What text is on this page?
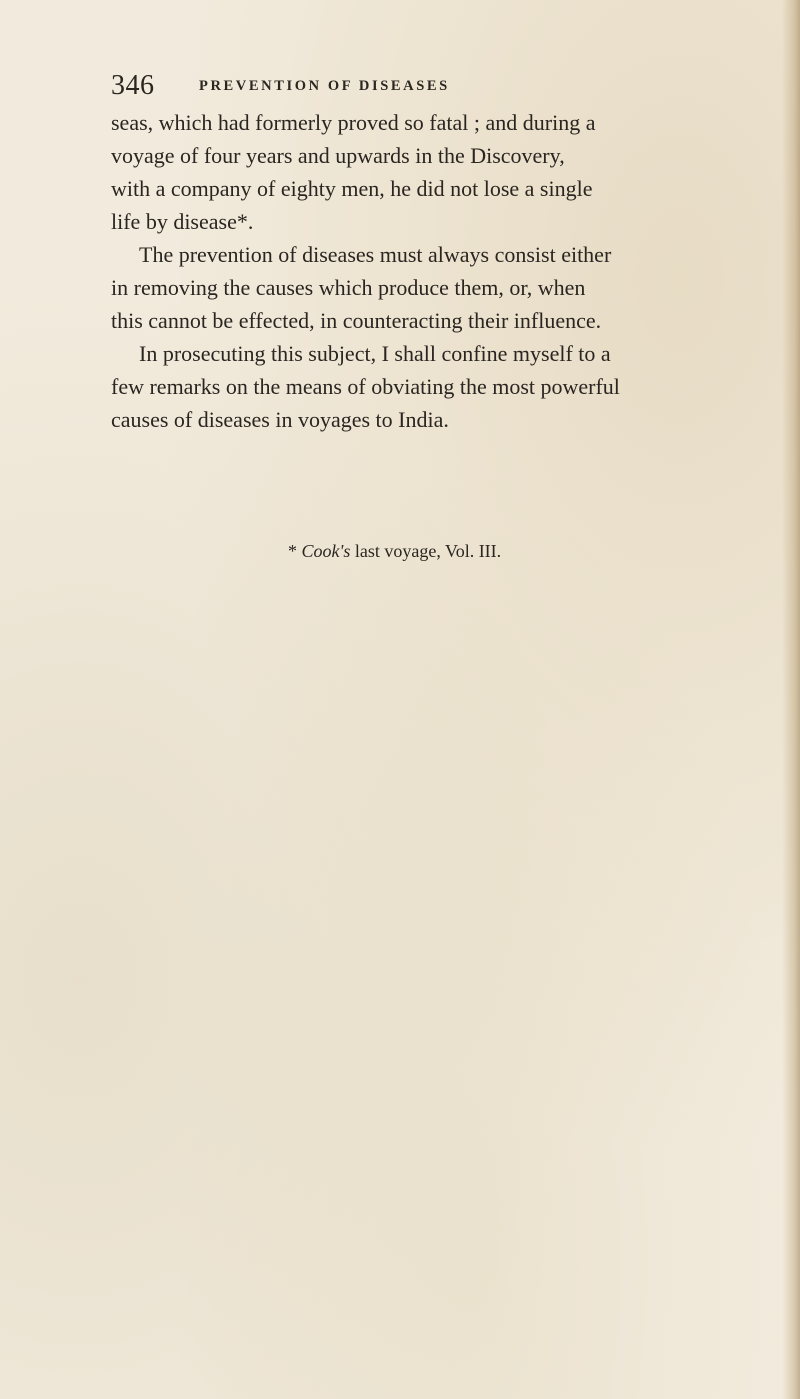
346	PREVENTION OF DISEASES
seas, which had formerly proved so fatal ; and during a
voyage of four years and upwards in the Discovery,
with a company of eighty men, he did not lose a single
life by disease*.
The prevention of diseases must always consist either
in removing the causes which produce them, or, when
this cannot be effected, in counteracting their influence.
In prosecuting this subject, I shall confine myself to a
few remarks on the means of obviating the most powerful
causes of diseases in voyages to India.
* Cook's last voyage, Vol. III.
